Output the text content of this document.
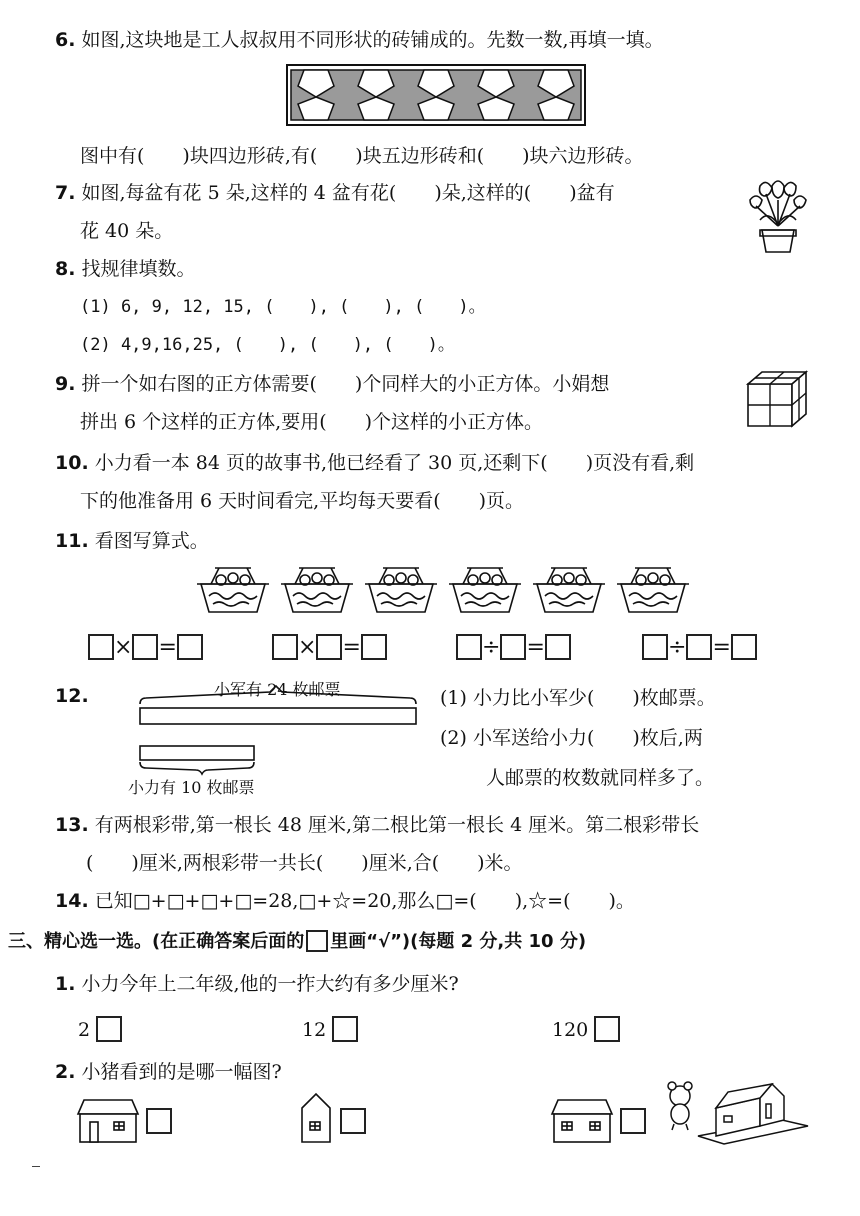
6. 如图,这块地是工人叔叔用不同形状的砖铺成的。先数一数,再填一填。
图中有(　　)块四边形砖,有(　　)块五边形砖和(　　)块六边形砖。
7. 如图,每盆有花 5 朵,这样的 4 盆有花(　　)朵,这样的(　　)盆有
花 40 朵。
8. 找规律填数。
(1) 6, 9, 12, 15, (　　), (　　), (　　)。
(2) 4,9,16,25, (　　), (　　), (　　)。
9. 拼一个如右图的正方体需要(　　)个同样大的小正方体。小娟想
拼出 6 个这样的正方体,要用(　　)个这样的小正方体。
10. 小力看一本 84 页的故事书,他已经看了 30 页,还剩下(　　)页没有看,剩
下的他准备用 6 天时间看完,平均每天要看(　　)页。
11. 看图写算式。
× =	× =	÷ =	÷ =
12.	小军有 24 枚邮票
小力有 10 枚邮票
(1) 小力比小军少(　　)枚邮票。
(2) 小军送给小力(　　)枚后,两
人邮票的枚数就同样多了。
13. 有两根彩带,第一根长 48 厘米,第二根比第一根长 4 厘米。第二根彩带长
(　　)厘米,两根彩带一共长(　　)厘米,合(　　)米。
14. 已知□+□+□+□=28,□+☆=20,那么□=(　　),☆=(　　)。
三、精心选一选。(在正确答案后面的 里画“√”)(每题 2 分,共 10 分)
1. 小力今年上二年级,他的一拃大约有多少厘米?
2	12	120
2. 小猪看到的是哪一幅图?
